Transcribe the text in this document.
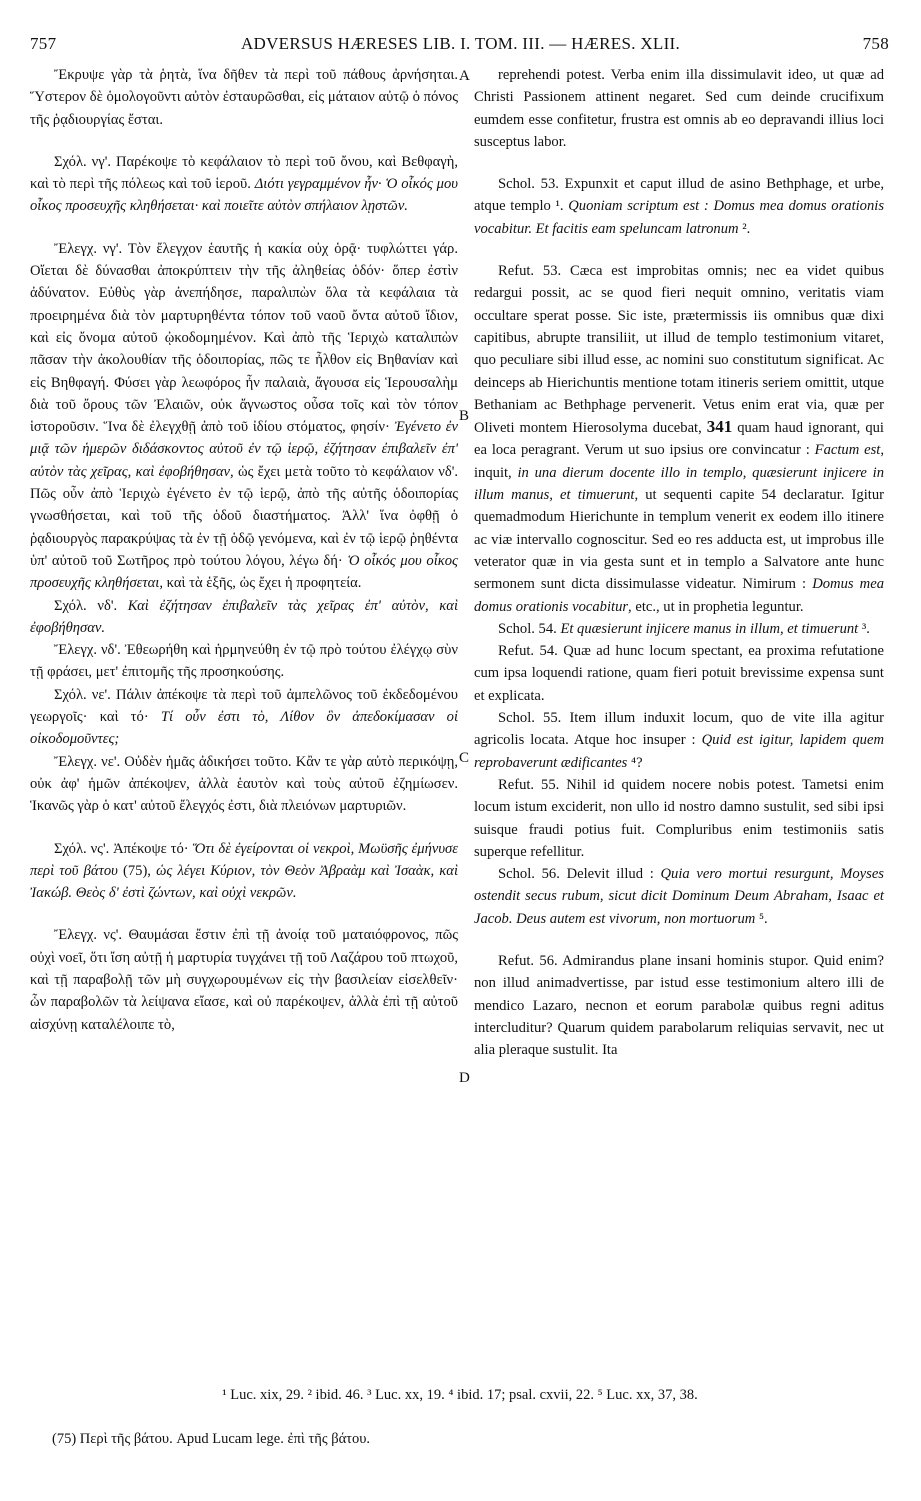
757	ADVERSUS HÆRESES LIB. I. TOM. III. — HÆRES. XLII.	758

Ἔκρυψε γὰρ τὰ ῥητὰ, ἵνα δῆθεν τὰ περὶ τοῦ πάθους ἀρνήσηται. Ὕστερον δὲ ὁμολογοῦντι αὐτὸν ἐσταυρῶσθαι, εἰς μάταιον αὐτῷ ὁ πόνος τῆς ῥᾳδιουργίας ἔσται.

Σχόλ. νγ'. Παρέκοψε τὸ κεφάλαιον τὸ περὶ τοῦ ὄνου, καὶ Βεθφαγὴ, καὶ τὸ περὶ τῆς πόλεως καὶ τοῦ ἱεροῦ. Διότι γεγραμμένον ἦν· Ὁ οἶκός μου οἶκος προσευχῆς κληθήσεται· καὶ ποιεῖτε αὐτὸν σπήλαιον λῃστῶν.

Ἔλεγχ. νγ'. Τὸν ἔλεγχον ἑαυτῆς ἡ κακία οὐχ ὁρᾷ· τυφλώττει γάρ. Οἴεται δὲ δύνασθαι ἀποκρύπτειν τὴν τῆς ἀληθείας ὁδόν· ὅπερ ἐστὶν ἀδύνατον. Εὐθὺς γὰρ ἀνεπήδησε, παραλιπὼν ὅλα τὰ κεφάλαια τὰ προειρημένα διὰ τὸν μαρτυρηθέντα τόπον τοῦ ναοῦ ὄντα αὐτοῦ ἴδιον, καὶ εἰς ὄνομα αὐτοῦ ᾠκοδομημένον. Καὶ ἀπὸ τῆς Ἱεριχὼ καταλιπὼν πᾶσαν τὴν ἀκολουθίαν τῆς ὁδοιπορίας, πῶς τε ἦλθον εἰς Βηθανίαν καὶ εἰς Βηθφαγή. Φύσει γὰρ λεωφόρος ἦν παλαιὰ, ἄγουσα εἰς Ἱερουσαλὴμ διὰ τοῦ ὄρους τῶν Ἐλαιῶν, οὐκ ἄγνωστος οὖσα τοῖς καὶ τὸν τόπον ἱστοροῦσιν. Ἵνα δὲ ἐλεγχθῇ ἀπὸ τοῦ ἰδίου στόματος, φησίν· Ἐγένετο ἐν μιᾷ τῶν ἡμερῶν διδάσκοντος αὐτοῦ ἐν τῷ ἱερῷ, ἐζήτησαν ἐπιβαλεῖν ἐπ' αὐτὸν τὰς χεῖρας, καὶ ἐφοβήθησαν, ὡς ἔχει μετὰ τοῦτο τὸ κεφάλαιον νδ'. Πῶς οὖν ἀπὸ Ἱεριχὼ ἐγένετο ἐν τῷ ἱερῷ, ἀπὸ τῆς αὐτῆς ὁδοιπορίας γνωσθήσεται, καὶ τοῦ τῆς ὁδοῦ διαστήματος. Ἀλλ' ἵνα ὀφθῇ ὁ ῥᾳδιουργὸς παρακρύψας τὰ ἐν τῇ ὁδῷ γενόμενα, καὶ ἐν τῷ ἱερῷ ῥηθέντα ὑπ' αὐτοῦ τοῦ Σωτῆρος πρὸ τούτου λόγου, λέγω δή· Ὁ οἶκός μου οἶκος προσευχῆς κληθήσεται, καὶ τὰ ἑξῆς, ὡς ἔχει ἡ προφητεία.

Σχόλ. νδ'. Καὶ ἐζήτησαν ἐπιβαλεῖν τὰς χεῖρας ἐπ' αὐτὸν, καὶ ἐφοβήθησαν.

Ἔλεγχ. νδ'. Ἐθεωρήθη καὶ ἡρμηνεύθη ἐν τῷ πρὸ τούτου ἐλέγχῳ σὺν τῇ φράσει, μετ' ἐπιτομῆς τῆς προσηκούσης.

Σχόλ. νε'. Πάλιν ἀπέκοψε τὰ περὶ τοῦ ἀμπελῶνος τοῦ ἐκδεδομένου γεωργοῖς· καὶ τό· Τί οὖν ἐστι τὸ, Λίθον ὃν ἀπεδοκίμασαν οἱ οἰκοδομοῦντες;

Ἔλεγχ. νε'. Οὐδὲν ἡμᾶς ἀδικήσει τοῦτο. Κἂν τε γὰρ αὐτὸ περικόψῃ, οὐκ ἀφ' ἡμῶν ἀπέκοψεν, ἀλλὰ ἑαυτὸν καὶ τοὺς αὐτοῦ ἐζημίωσεν. Ἱκανῶς γὰρ ὁ κατ' αὐτοῦ ἔλεγχός ἐστι, διὰ πλειόνων μαρτυριῶν.

Σχόλ. νς'. Ἀπέκοψε τό· Ὅτι δὲ ἐγείρονται οἱ νεκροὶ, Μωϋσῆς ἐμήνυσε περὶ τοῦ βάτου (75), ὡς λέγει Κύριον, τὸν Θεὸν Ἀβραὰμ καὶ Ἰσαὰκ, καὶ Ἰακώβ. Θεὸς δ' ἐστὶ ζώντων, καὶ οὐχὶ νεκρῶν.

Ἔλεγχ. νς'. Θαυμάσαι ἔστιν ἐπὶ τῇ ἀνοίᾳ τοῦ ματαιόφρονος, πῶς οὐχὶ νοεῖ, ὅτι ἴση αὐτῇ ἡ μαρτυρία τυγχάνει τῇ τοῦ Λαζάρου τοῦ πτωχοῦ, καὶ τῇ παραβολῇ τῶν μὴ συγχωρουμένων εἰς τὴν βασιλείαν εἰσελθεῖν· ὧν παραβολῶν τὰ λείψανα εἴασε, καὶ οὐ παρέκοψεν, ἀλλὰ ἐπὶ τῇ αὐτοῦ αἰσχύνῃ καταλέλοιπε τὸ,

reprehendi potest. Verba enim illa dissimulavit ideo, ut quæ ad Christi Passionem attinent negaret. Sed cum deinde crucifixum eumdem esse confitetur, frustra est omnis ab eo depravandi illius loci susceptus labor.

Schol. 53. Expunxit et caput illud de asino Bethphage, et urbe, atque templo ¹. Quoniam scriptum est : Domus mea domus orationis vocabitur. Et facitis eam speluncam latronum ².

Refut. 53. Cæca est improbitas omnis; nec ea videt quibus redargui possit, ac se quod fieri nequit omnino, veritatis viam occultare sperat posse. Sic iste, prætermissis iis omnibus quæ dixi capitibus, abrupte transiliit, ut illud de templo testimonium vitaret, quo peculiare sibi illud esse, ac nomini suo constitutum significat. Ac deinceps ab Hierichuntis mentione totam itineris seriem omittit, utque Bethaniam ac Bethphage pervenerit. Vetus enim erat via, quæ per Oliveti montem Hierosolyma ducebat, 341 quam haud ignorant, qui ea loca peragrant. Verum ut suo ipsius ore convincatur : Factum est, inquit, in una dierum docente illo in templo, quæsierunt injicere in illum manus, et timuerunt, ut sequenti capite 54 declaratur. Igitur quemadmodum Hierichunte in templum venerit ex eodem illo itinere ac viæ intervallo cognoscitur. Sed eo res adducta est, ut improbus ille veterator quæ in via gesta sunt et in templo a Salvatore ante hunc sermonem sunt dicta dissimulasse videatur. Nimirum : Domus mea domus orationis vocabitur, etc., ut in prophetia leguntur.

Schol. 54. Et quæsierunt injicere manus in illum, et timuerunt ³.

Refut. 54. Quæ ad hunc locum spectant, ea proxima refutatione cum ipsa loquendi ratione, quam fieri potuit brevissime expensa sunt et explicata.

Schol. 55. Item illum induxit locum, quo de vite illa agitur agricolis locata. Atque hoc insuper : Quid est igitur, lapidem quem reprobaverunt ædificantes ⁴?

Refut. 55. Nihil id quidem nocere nobis potest. Tametsi enim locum istum exciderit, non ullo id nostro damno sustulit, sed sibi ipsi suisque fraudi potius fuit. Compluribus enim testimoniis satis superque refellitur.

Schol. 56. Delevit illud : Quia vero mortui resurgunt, Moyses ostendit secus rubum, sicut dicit Dominum Deum Abraham, Isaac et Jacob. Deus autem est vivorum, non mortuorum ⁵.

Refut. 56. Admirandus plane insani hominis stupor. Quid enim? non illud animadvertisse, par istud esse testimonium altero illi de mendico Lazaro, necnon et eorum parabolæ quibus regni aditus intercluditur? Quarum quidem parabolarum reliquias servavit, nec ut alia pleraque sustulit. Ita

A
B
C
D
¹ Luc. xix, 29. ² ibid. 46. ³ Luc. xx, 19. ⁴ ibid. 17; psal. cxvii, 22. ⁵ Luc. xx, 37, 38.
(75) Περὶ τῆς βάτου. Apud Lucam lege. ἐπὶ τῆς βάτου.
